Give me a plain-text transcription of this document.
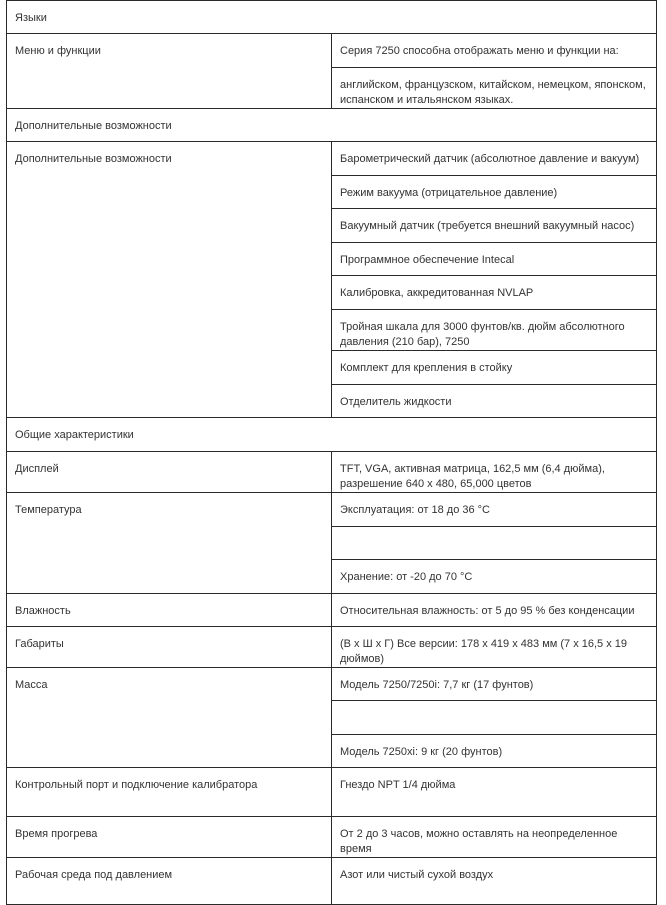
Языки	
Меню и функции	Серия 7250 способна отображать меню и функции на:
	английском, французском, китайском, немецком, японском, испанском и итальянском языках.
Дополнительные возможности	
Дополнительные возможности	Барометрический датчик (абсолютное давление и вакуум)
	Режим вакуума (отрицательное давление)
	Вакуумный датчик (требуется внешний вакуумный насос)
	Программное обеспечение Intecal
	Калибровка, аккредитованная NVLAP
	Тройная шкала для 3000 фунтов/кв. дюйм абсолютного давления (210 бар), 7250
	Комплект для крепления в стойку
	Отделитель жидкости
Общие характеристики	
Дисплей	TFT, VGA, активная матрица, 162,5 мм (6,4 дюйма), разрешение 640 x 480, 65,000 цветов
Температура	Эксплуатация: от 18 до 36 °C

	Хранение: от -20 до 70 °C
Влажность	Относительная влажность: от 5 до 95 % без конденсации
Габариты	(В x Ш x Г) Все версии: 178 x 419 x 483 мм (7 x 16,5 x 19 дюймов)
Масса	Модель 7250/7250i: 7,7 кг (17 фунтов)

	Модель 7250xi: 9 кг (20 фунтов)
Контрольный порт и подключение калибратора	Гнездо NPT 1/4 дюйма
Время прогрева	От 2 до 3 часов, можно оставлять на неопределенное время
Рабочая среда под давлением	Азот или чистый сухой воздух
